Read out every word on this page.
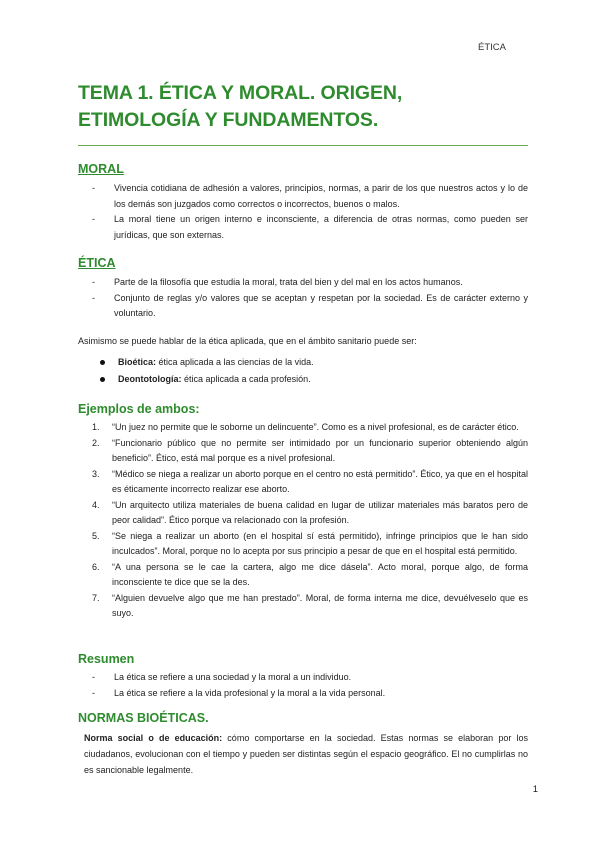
ÉTICA
TEMA 1. ÉTICA Y MORAL. ORIGEN, ETIMOLOGÍA Y FUNDAMENTOS.
MORAL
- Vivencia cotidiana de adhesión a valores, principios, normas, a parir de los que nuestros actos y lo de los demás son juzgados como correctos o incorrectos, buenos o malos.
- La moral tiene un origen interno e inconsciente, a diferencia de otras normas, como pueden ser jurídicas, que son externas.
ÉTICA
- Parte de la filosofía que estudia la moral, trata del bien y del mal en los actos humanos.
- Conjunto de reglas y/o valores que se aceptan y respetan por la sociedad. Es de carácter externo y voluntario.

Asimismo se puede hablar de la ética aplicada, que en el ámbito sanitario puede ser:

Bioética: ética aplicada a las ciencias de la vida.
Deontotología: ética aplicada a cada profesión.
Ejemplos de ambos:
1. “Un juez no permite que le soborne un delincuente”. Como es a nivel profesional, es de carácter ético.
2. “Funcionario público que no permite ser intimidado por un funcionario superior obteniendo algún beneficio”. Ético, está mal porque es a nivel profesional.
3. “Médico se niega a realizar un aborto porque en el centro no está permitido”. Ético, ya que en el hospital es éticamente incorrecto realizar ese aborto.
4. “Un arquitecto utiliza materiales de buena calidad en lugar de utilizar materiales más baratos pero de peor calidad”. Ético porque va relacionado con la profesión.
5. “Se niega a realizar un aborto (en el hospital sí está permitido), infringe principios que le han sido inculcados”. Moral, porque no lo acepta por sus principio a pesar de que en el hospital está permitido.
6. “A una persona se le cae la cartera, algo me dice dásela”. Acto moral, porque algo, de forma inconsciente te dice que se la des.
7. “Alguien devuelve algo que me han prestado”. Moral, de forma interna me dice, devuélveselo que es suyo.
Resumen
- La ética se refiere a una sociedad y la moral a un individuo.
- La ética se refiere a la vida profesional y la moral a la vida personal.
NORMAS BIOÉTICAS.

Norma social o de educación: cómo comportarse en la sociedad. Estas normas se elaboran por los ciudadanos, evolucionan con el tiempo y pueden ser distintas según el espacio geográfico. El no cumplirlas no es sancionable legalmente.

1
